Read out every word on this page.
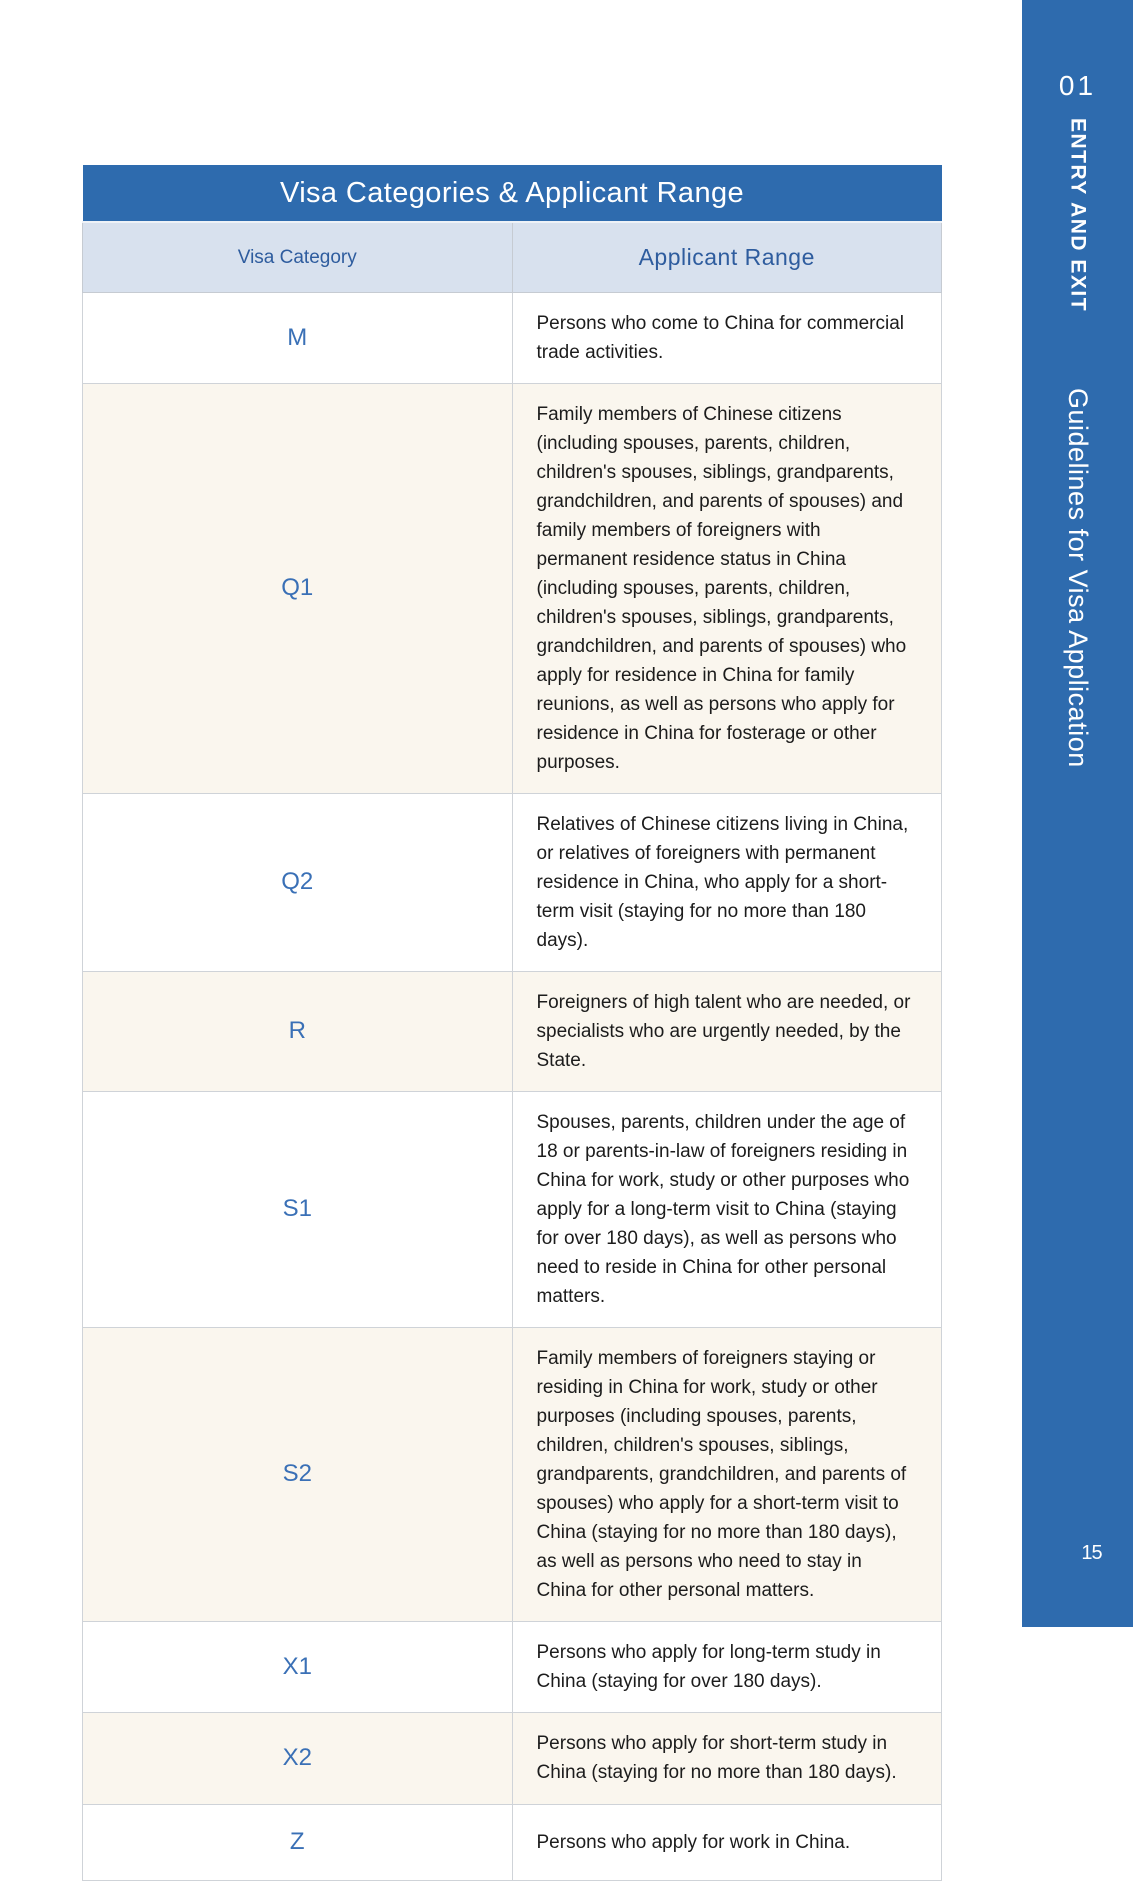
Visa Categories & Applicant Range	
Visa Category	Applicant Range
M	Persons who come to China for commercial trade activities.
Q1	Family members of Chinese citizens (including spouses, parents, children, children's spouses, siblings, grandparents, grandchildren, and parents of spouses) and family members of foreigners with permanent residence status in China (including spouses, parents, children, children's spouses, siblings, grandparents, grandchildren, and parents of spouses) who apply for residence in China for family reunions, as well as persons who apply for residence in China for fosterage or other purposes.
Q2	Relatives of Chinese citizens living in China, or relatives of foreigners with permanent residence in China, who apply for a short-term visit (staying for no more than 180 days).
R	Foreigners of high talent who are needed, or specialists who are urgently needed, by the State.
S1	Spouses, parents, children under the age of 18 or parents-in-law of foreigners residing in China for work, study or other purposes who apply for a long-term visit to China (staying for over 180 days), as well as persons who need to reside in China for other personal matters.
S2	Family members of foreigners staying or residing in China for work, study or other purposes (including spouses, parents, children, children's spouses, siblings, grandparents, grandchildren, and parents of spouses) who apply for a short-term visit to China (staying for no more than 180 days), as well as persons who need to stay in China for other personal matters.
X1	Persons who apply for long-term study in China (staying for over 180 days).
X2	Persons who apply for short-term study in China (staying for no more than 180 days).
Z	Persons who apply for work in China.
01
ENTRY AND EXIT
Guidelines for Visa Application
15
